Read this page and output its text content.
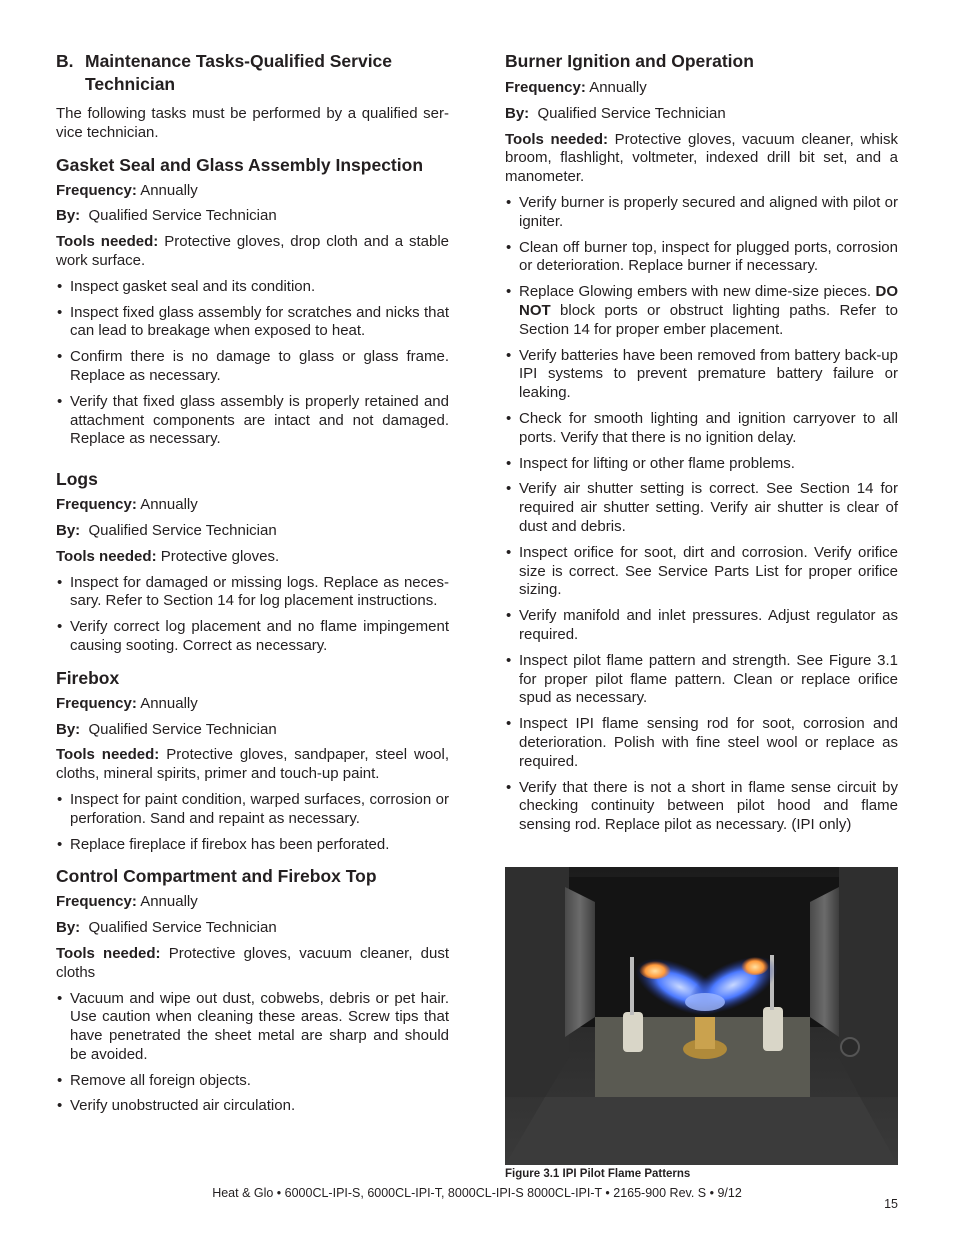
B. Maintenance Tasks-Qualified Service Technician
The following tasks must be performed by a qualified ser-vice technician.
Gasket Seal and Glass Assembly Inspection
Frequency: Annually
By: Qualified Service Technician
Tools needed: Protective gloves, drop cloth and a stable work surface.
• Inspect gasket seal and its condition.
• Inspect fixed glass assembly for scratches and nicks that can lead to breakage when exposed to heat.
• Confirm there is no damage to glass or glass frame. Replace as necessary.
• Verify that fixed glass assembly is properly retained and attachment components are intact and not damaged. Replace as necessary.
Logs
Frequency: Annually
By: Qualified Service Technician
Tools needed: Protective gloves.
• Inspect for damaged or missing logs. Replace as neces-sary. Refer to Section 14 for log placement instructions.
• Verify correct log placement and no flame impingement causing sooting. Correct as necessary.
Firebox
Frequency: Annually
By: Qualified Service Technician
Tools needed: Protective gloves, sandpaper, steel wool, cloths, mineral spirits, primer and touch-up paint.
• Inspect for paint condition, warped surfaces, corrosion or perforation. Sand and repaint as necessary.
• Replace fireplace if firebox has been perforated.
Control Compartment and Firebox Top
Frequency: Annually
By: Qualified Service Technician
Tools needed: Protective gloves, vacuum cleaner, dust cloths
• Vacuum and wipe out dust, cobwebs, debris or pet hair. Use caution when cleaning these areas. Screw tips that have penetrated the sheet metal are sharp and should be avoided.
• Remove all foreign objects.
• Verify unobstructed air circulation.
Burner Ignition and Operation
Frequency: Annually
By: Qualified Service Technician
Tools needed: Protective gloves, vacuum cleaner, whisk broom, flashlight, voltmeter, indexed drill bit set, and a manometer.
• Verify burner is properly secured and aligned with pilot or igniter.
• Clean off burner top, inspect for plugged ports, corrosion or deterioration. Replace burner if necessary.
• Replace Glowing embers with new dime-size pieces. DO NOT block ports or obstruct lighting paths. Refer to Section 14 for proper ember placement.
• Verify batteries have been removed from battery back-up IPI systems to prevent premature battery failure or leaking.
• Check for smooth lighting and ignition carryover to all ports. Verify that there is no ignition delay.
• Inspect for lifting or other flame problems.
• Verify air shutter setting is correct. See Section 14 for required air shutter setting. Verify air shutter is clear of dust and debris.
• Inspect orifice for soot, dirt and corrosion. Verify orifice size is correct. See Service Parts List for proper orifice sizing.
• Verify manifold and inlet pressures. Adjust regulator as required.
• Inspect pilot flame pattern and strength. See Figure 3.1 for proper pilot flame pattern. Clean or replace orifice spud as necessary.
• Inspect IPI flame sensing rod for soot, corrosion and deterioration. Polish with fine steel wool or replace as required.
• Verify that there is not a short in flame sense circuit by checking continuity between pilot hood and flame sensing rod. Replace pilot as necessary. (IPI only)
Figure 3.1 IPI Pilot Flame Patterns
Heat & Glo • 6000CL-IPI-S, 6000CL-IPI-T, 8000CL-IPI-S 8000CL-IPI-T • 2165-900 Rev. S • 9/12
15
